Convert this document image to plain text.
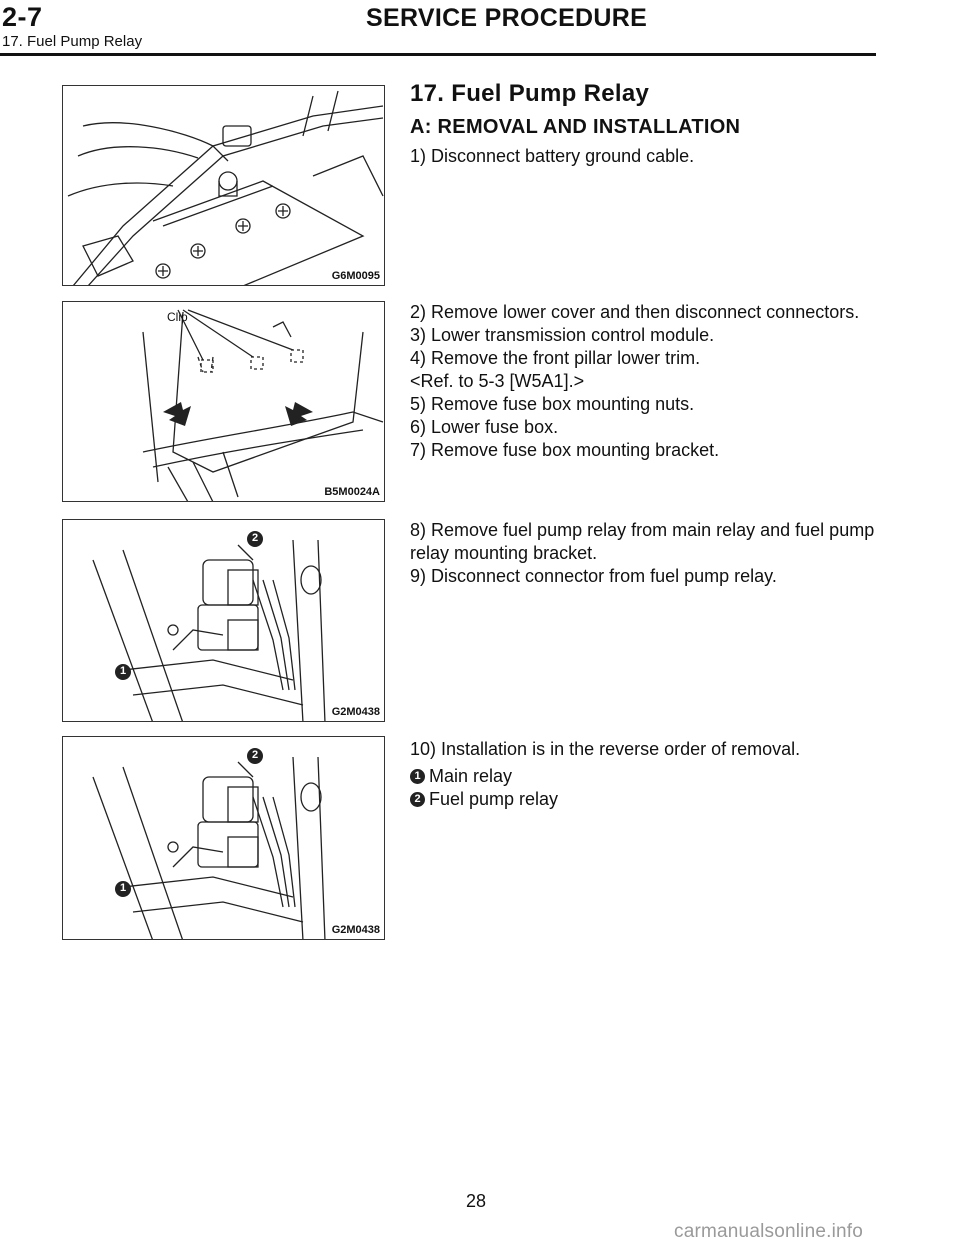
2-7	SERVICE PROCEDURE
17. Fuel Pump Relay
G6M0095
Clip
B5M0024A
2
1
G2M0438
2
1
G2M0438
17. Fuel Pump Relay
A: REMOVAL AND INSTALLATION
1) Disconnect battery ground cable.
2) Remove lower cover and then disconnect connectors.
3) Lower transmission control module.
4) Remove the front pillar lower trim.
<Ref. to 5-3 [W5A1].>
5) Remove fuse box mounting nuts.
6) Lower fuse box.
7) Remove fuse box mounting bracket.
8) Remove fuel pump relay from main relay and fuel pump
relay mounting bracket.
9) Disconnect connector from fuel pump relay.
10) Installation is in the reverse order of removal.
1 Main relay
2 Fuel pump relay
28
carmanualsonline.info
